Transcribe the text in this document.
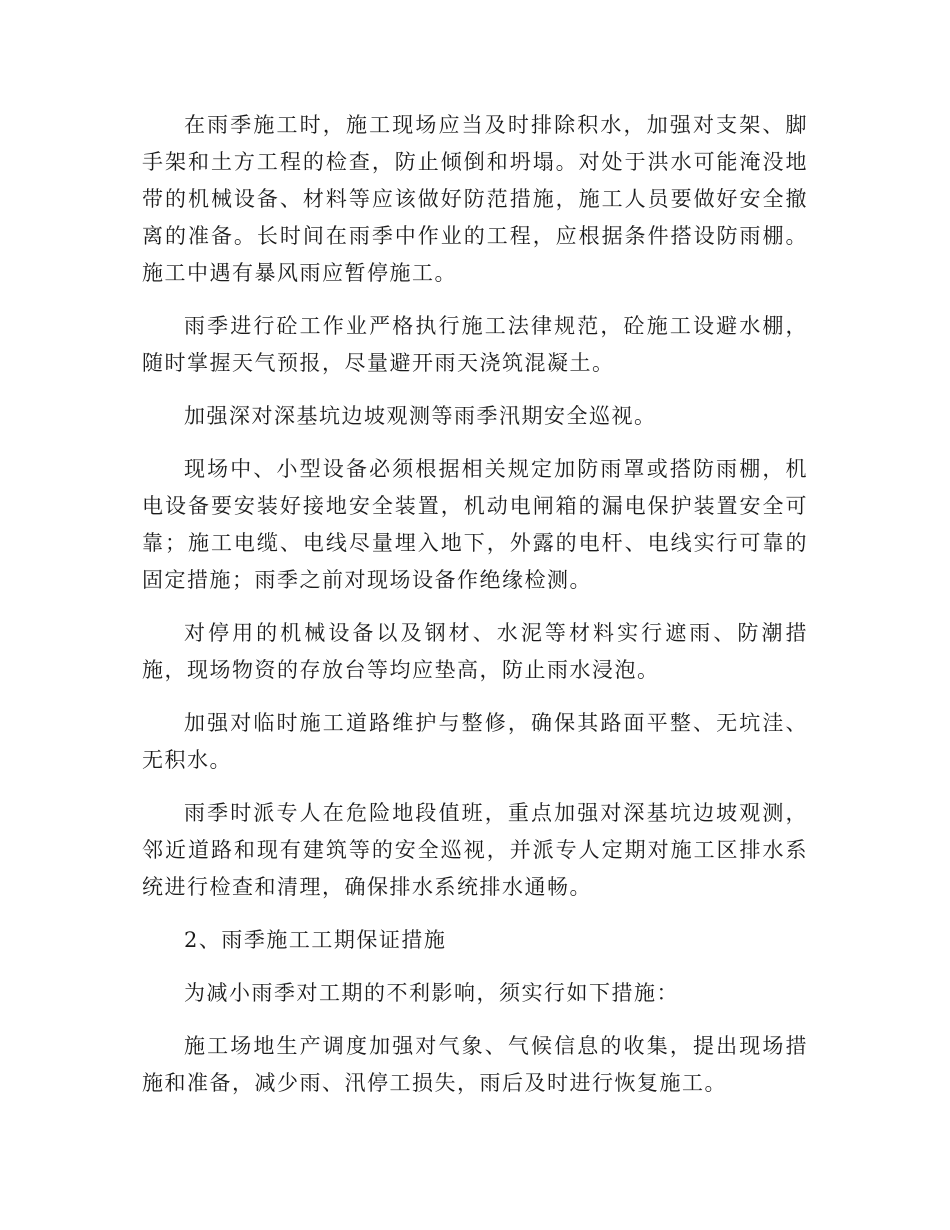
在雨季施工时，施工现场应当及时排除积水，加强对支架、脚手架和土方工程的检查，防止倾倒和坍塌。对处于洪水可能淹没地带的机械设备、材料等应该做好防范措施，施工人员要做好安全撤离的准备。长时间在雨季中作业的工程，应根据条件搭设防雨棚。施工中遇有暴风雨应暂停施工。

雨季进行砼工作业严格执行施工法律规范，砼施工设避水棚，随时掌握天气预报，尽量避开雨天浇筑混凝土。

加强深对深基坑边坡观测等雨季汛期安全巡视。

现场中、小型设备必须根据相关规定加防雨罩或搭防雨棚，机电设备要安装好接地安全装置，机动电闸箱的漏电保护装置安全可靠；施工电缆、电线尽量埋入地下，外露的电杆、电线实行可靠的固定措施；雨季之前对现场设备作绝缘检测。

对停用的机械设备以及钢材、水泥等材料实行遮雨、防潮措施，现场物资的存放台等均应垫高，防止雨水浸泡。

加强对临时施工道路维护与整修，确保其路面平整、无坑洼、无积水。

雨季时派专人在危险地段值班，重点加强对深基坑边坡观测，邻近道路和现有建筑等的安全巡视，并派专人定期对施工区排水系统进行检查和清理，确保排水系统排水通畅。

2、雨季施工工期保证措施

为减小雨季对工期的不利影响，须实行如下措施：

施工场地生产调度加强对气象、气候信息的收集，提出现场措施和准备，减少雨、汛停工损失，雨后及时进行恢复施工。
